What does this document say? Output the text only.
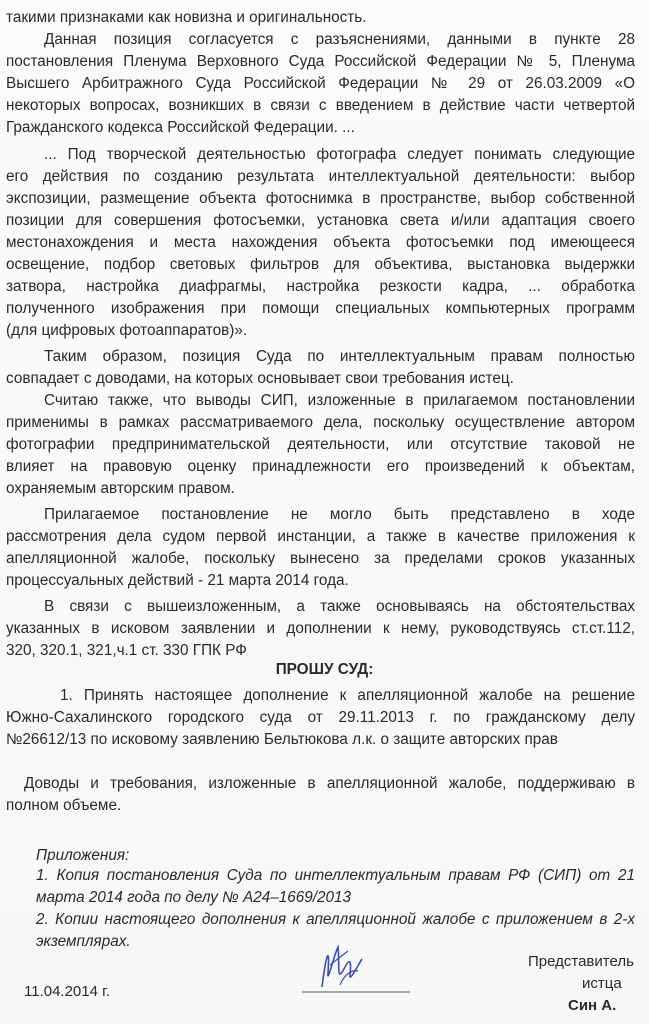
такими признаками как новизна и оригинальность.
Данная позиция согласуется с разъяснениями, данными в пункте 28
постановления Пленума Верховного Суда Российской Федерации № 5, Пленума
Высшего Арбитражного Суда Российской Федерации № 29 от 26.03.2009 «О
некоторых вопросах, возникших в связи с введением в действие части четвертой
Гражданского кодекса Российской Федерации. ...
... Под творческой деятельностью фотографа следует понимать следующие
его действия по созданию результата интеллектуальной деятельности: выбор
экспозиции, размещение объекта фотоснимка в пространстве, выбор собственной
позиции для совершения фотосъемки, установка света и/или адаптация своего
местонахождения и места нахождения объекта фотосъемки под имеющееся
освещение, подбор световых фильтров для объектива, выстановка выдержки
затвора, настройка диафрагмы, настройка резкости кадра, ... обработка
полученного изображения при помощи специальных компьютерных программ
(для цифровых фотоаппаратов)».
Таким образом, позиция Суда по интеллектуальным правам полностью
совпадает с доводами, на которых основывает свои требования истец.
Считаю также, что выводы СИП, изложенные в прилагаемом постановлении
применимы в рамках рассматриваемого дела, поскольку осуществление автором
фотографии предпринимательской деятельности, или отсутствие таковой не
влияет на правовую оценку принадлежности его произведений к объектам,
охраняемым авторским правом.
Прилагаемое постановление не могло быть представлено в ходе
рассмотрения дела судом первой инстанции, а также в качестве приложения к
апелляционной жалобе, поскольку вынесено за пределами сроков указанных
процессуальных действий - 21 марта 2014 года.
В связи с вышеизложенным, а также основываясь на обстоятельствах
указанных в исковом заявлении и дополнении к нему, руководствуясь ст.ст.112,
320, 320.1, 321,ч.1 ст. 330 ГПК РФ
ПРОШУ СУД:
1. Принять настоящее дополнение к апелляционной жалобе на решение
Южно-Сахалинского городского суда от 29.11.2013 г. по гражданскому делу
№26612/13 по исковому заявлению Бельтюкова л.к. о защите авторских прав
Доводы и требования, изложенные в апелляционной жалобе, поддерживаю в
полном объеме.
Приложения:
1. Копия постановления Суда по интеллектуальным правам РФ (СИП) от 21
марта 2014 года по делу № А24–1669/2013
2. Копии настоящего дополнения к апелляционной жалобе с приложением в 2-х
экземплярах.
11.04.2014 г.
Представитель
истца
Син А.
